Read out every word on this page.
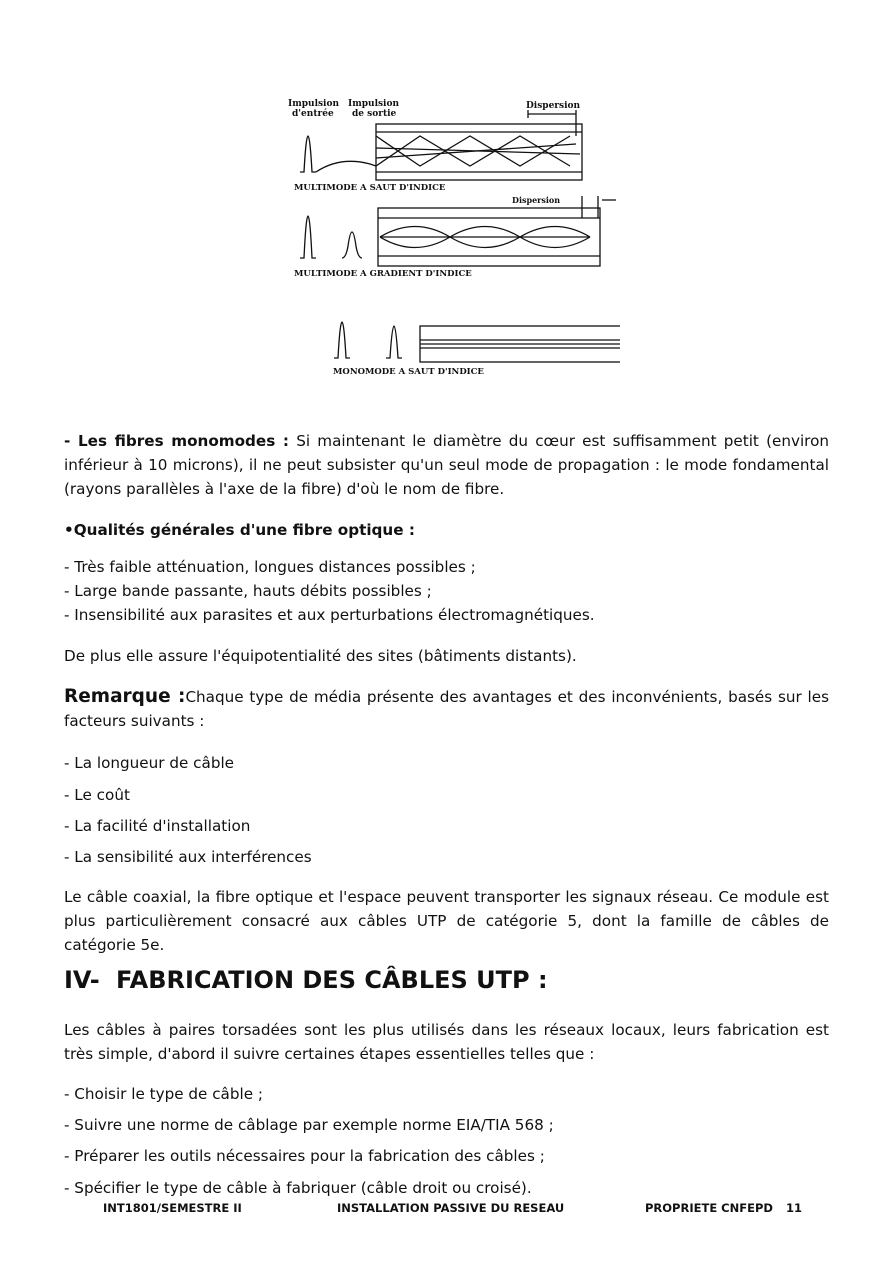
Impulsion
d'entrée
Impulsion
de sortie
Dispersion
Dispersion
MULTIMODE A SAUT D'INDICE
MULTIMODE A GRADIENT D'INDICE
MONOMODE A SAUT D'INDICE
- Les fibres monomodes : Si maintenant le diamètre du cœur est suffisamment petit (environ inférieur à 10 microns), il ne peut subsister qu'un seul mode de propagation : le mode fondamental (rayons parallèles à l'axe de la fibre) d'où le nom de fibre.
•Qualités générales d'une fibre optique :
- Très faible atténuation, longues distances possibles ;
- Large bande passante, hauts débits possibles ;
- Insensibilité aux parasites et aux perturbations électromagnétiques.
De plus elle assure l'équipotentialité des sites (bâtiments distants).
Remarque :Chaque type de média présente des avantages et des inconvénients, basés sur les facteurs suivants :
- La longueur de câble
- Le coût
- La facilité d'installation
- La sensibilité aux interférences
Le câble coaxial, la fibre optique et l'espace peuvent transporter les signaux réseau. Ce module est plus particulièrement consacré aux câbles UTP de catégorie 5, dont la famille de câbles de catégorie 5e.
IV- FABRICATION DES CÂBLES UTP :
Les câbles à paires torsadées sont les plus utilisés dans les réseaux locaux, leurs fabrication est très simple, d'abord il suivre certaines étapes essentielles telles que :
- Choisir le type de câble ;
- Suivre une norme de câblage par exemple norme EIA/TIA 568 ;
- Préparer les outils nécessaires pour la fabrication des câbles ;
- Spécifier le type de câble à fabriquer (câble droit ou croisé).
INT1801/SEMESTRE II	INSTALLATION PASSIVE DU RESEAU	PROPRIETE CNFEPD 11
